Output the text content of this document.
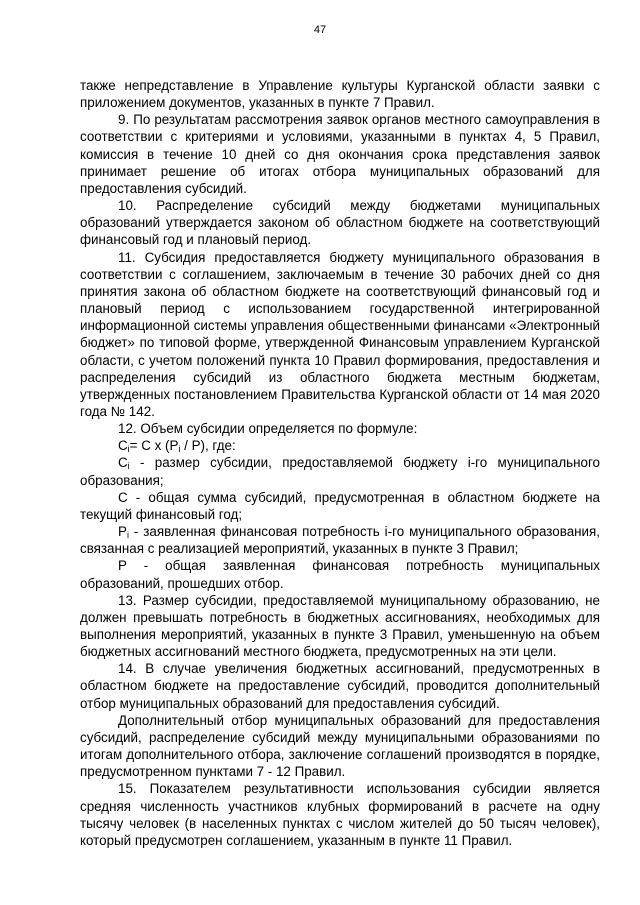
47

также непредставление в Управление культуры Курганской области заявки с приложением документов, указанных в пункте 7 Правил.

9. По результатам рассмотрения заявок органов местного самоуправления в соответствии с критериями и условиями, указанными в пунктах 4, 5 Правил, комиссия в течение 10 дней со дня окончания срока представления заявок принимает решение об итогах отбора муниципальных образований для предоставления субсидий.

10. Распределение субсидий между бюджетами муниципальных образований утверждается законом об областном бюджете на соответствующий финансовый год и плановый период.

11. Субсидия предоставляется бюджету муниципального образования в соответствии с соглашением, заключаемым в течение 30 рабочих дней со дня принятия закона об областном бюджете на соответствующий финансовый год и плановый период с использованием государственной интегрированной информационной системы управления общественными финансами «Электронный бюджет» по типовой форме, утвержденной Финансовым управлением Курганской области, с учетом положений пункта 10 Правил формирования, предоставления и распределения субсидий из областного бюджета местным бюджетам, утвержденных постановлением Правительства Курганской области от 14 мая 2020 года № 142.

12. Объем субсидии определяется по формуле:

$C_i= C$ x $(P_i / P)$, где:

$C_i$ - размер субсидии, предоставляемой бюджету i-го муниципального образования;

C - общая сумма субсидий, предусмотренная в областном бюджете на текущий финансовый год;

$P_i$ - заявленная финансовая потребность i-го муниципального образования, связанная с реализацией мероприятий, указанных в пункте 3 Правил;

P - общая заявленная финансовая потребность муниципальных образований, прошедших отбор.

13. Размер субсидии, предоставляемой муниципальному образованию, не должен превышать потребность в бюджетных ассигнованиях, необходимых для выполнения мероприятий, указанных в пункте 3 Правил, уменьшенную на объем бюджетных ассигнований местного бюджета, предусмотренных на эти цели.

14. В случае увеличения бюджетных ассигнований, предусмотренных в областном бюджете на предоставление субсидий, проводится дополнительный отбор муниципальных образований для предоставления субсидий.

Дополнительный отбор муниципальных образований для предоставления субсидий, распределение субсидий между муниципальными образованиями по итогам дополнительного отбора, заключение соглашений производятся в порядке, предусмотренном пунктами 7 - 12 Правил.

15. Показателем результативности использования субсидии является средняя численность участников клубных формирований в расчете на одну тысячу человек (в населенных пунктах с числом жителей до 50 тысяч человек), который предусмотрен соглашением, указанным в пункте 11 Правил.
